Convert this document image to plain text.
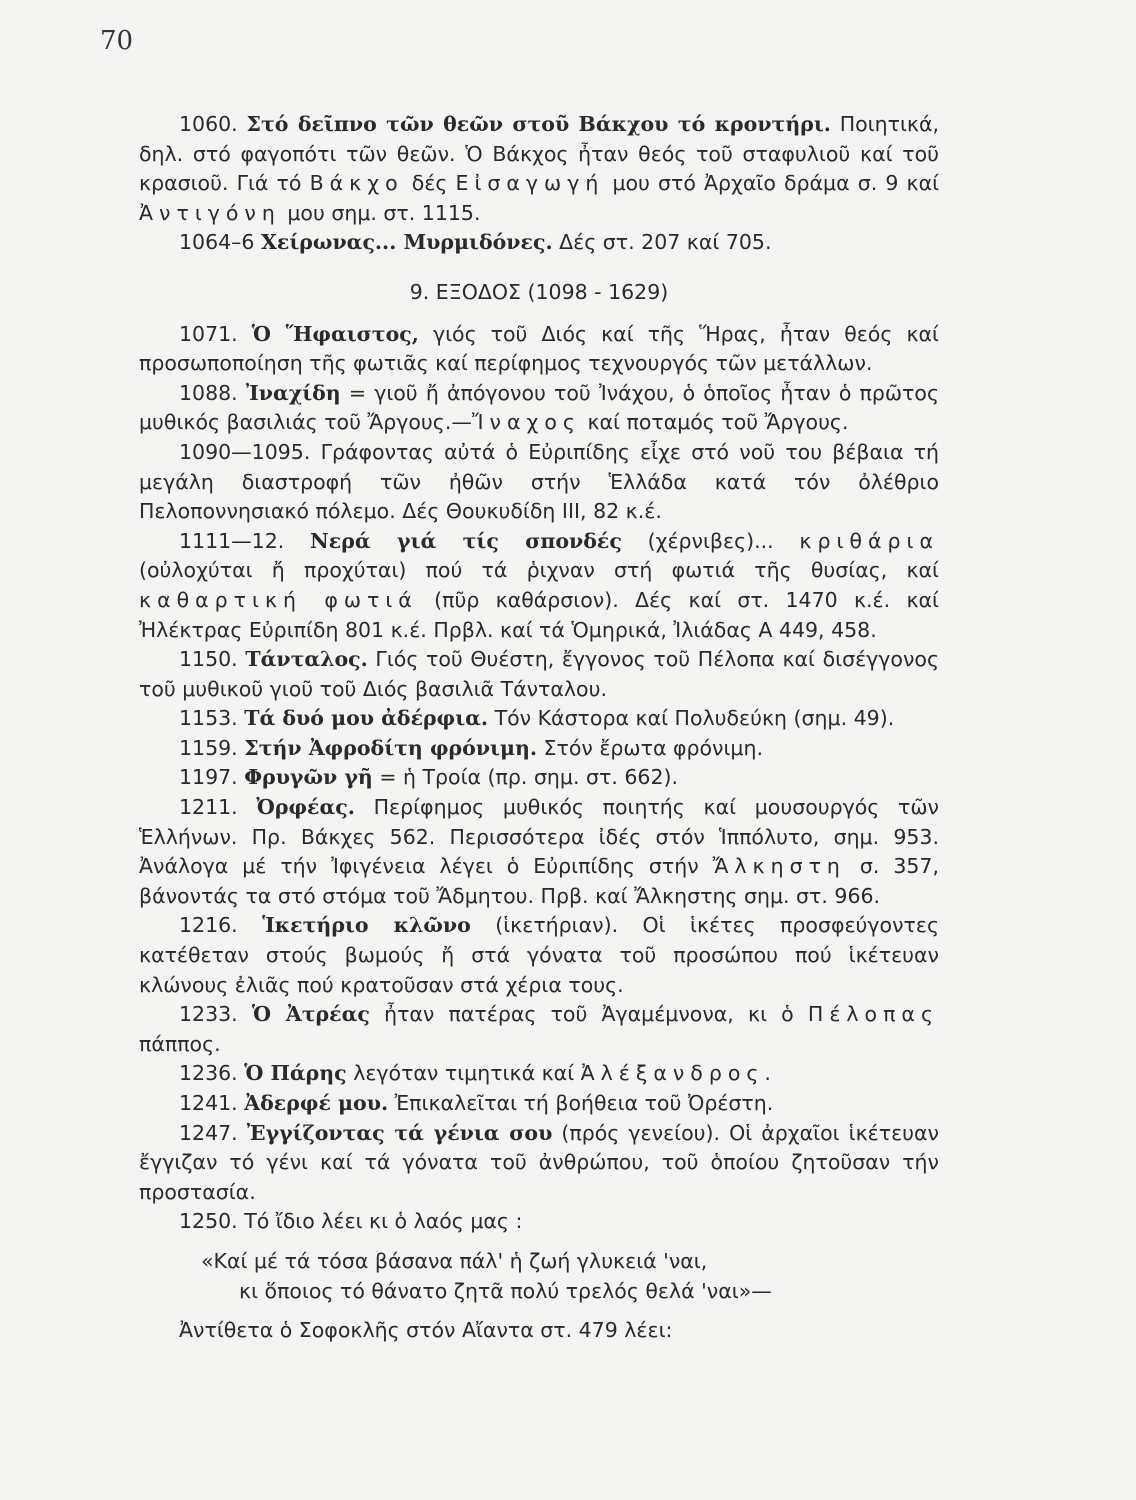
70

1060. Στό δεῖπνο τῶν θεῶν στοῦ Βάκχου τό κροντήρι. Ποιητικά, δηλ. στό φαγοπότι τῶν θεῶν. Ὁ Βάκχος ἦταν θεός τοῦ σταφυλιοῦ καί τοῦ κρασιοῦ. Γιά τό Βάκχο δές Εἰσαγωγή μου στό Ἀρχαῖο δράμα σ. 9 καί Ἀντιγόνη μου σημ. στ. 1115.

1064–6 Χείρωνας... Μυρμιδόνες. Δές στ. 207 καί 705.

9. ΕΞΟΔΟΣ (1098 - 1629)

1071. Ὁ Ἥφαιστος, γιός τοῦ Διός καί τῆς Ἥρας, ἦταν θεός καί προσωποποίηση τῆς φωτιᾶς καί περίφημος τεχνουργός τῶν μετάλλων.

1088. Ἰναχίδη = γιοῦ ἤ ἀπόγονου τοῦ Ἰνάχου, ὁ ὁποῖος ἦταν ὁ πρῶτος μυθικός βασιλιάς τοῦ Ἄργους.—Ἴναχος καί ποταμός τοῦ Ἄργους.

1090—1095. Γράφοντας αὐτά ὁ Εὐριπίδης εἶχε στό νοῦ του βέβαια τή μεγάλη διαστροφή τῶν ἠθῶν στήν Ἑλλάδα κατά τόν ὀλέθριο Πελοποννησιακό πόλεμο. Δές Θουκυδίδη ΙΙΙ, 82 κ.έ.

1111—12. Νερά γιά τίς σπονδές (χέρνιβες)... κριθάρια (οὐλοχύται ἤ προχύται) πού τά ῥιχναν στή φωτιά τῆς θυσίας, καί καθαρτική φωτιά (πῦρ καθάρσιον). Δές καί στ. 1470 κ.έ. καί Ἠλέκτρας Εὐριπίδη 801 κ.έ. Πρβλ. καί τά Ὁμηρικά, Ἰλιάδας Α 449, 458.

1150. Τάνταλος. Γιός τοῦ Θυέστη, ἔγγονος τοῦ Πέλοπα καί δισέγγονος τοῦ μυθικοῦ γιοῦ τοῦ Διός βασιλιᾶ Τάνταλου.

1153. Τά δυό μου ἀδέρφια. Τόν Κάστορα καί Πολυδεύκη (σημ. 49).

1159. Στήν Ἀφροδίτη φρόνιμη. Στόν ἔρωτα φρόνιμη.

1197. Φρυγῶν γῆ = ἡ Τροία (πρ. σημ. στ. 662).

1211. Ὀρφέας. Περίφημος μυθικός ποιητής καί μουσουργός τῶν Ἑλλήνων. Πρ. Βάκχες 562. Περισσότερα ἰδές στόν Ἱππόλυτο, σημ. 953. Ἀνάλογα μέ τήν Ἰφιγένεια λέγει ὁ Εὐριπίδης στήν Ἄλκηστη σ. 357, βάνοντάς τα στό στόμα τοῦ Ἄδμητου. Πρβ. καί Ἄλκηστης σημ. στ. 966.

1216. Ἱκετήριο κλῶνο (ἱκετήριαν). Οἱ ἱκέτες προσφεύγοντες κατέθεταν στούς βωμούς ἤ στά γόνατα τοῦ προσώπου πού ἱκέτευαν κλώνους ἐλιᾶς πού κρατοῦσαν στά χέρια τους.

1233. Ὁ Ἀτρέας ἦταν πατέρας τοῦ Ἀγαμέμνονα, κι ὁ Πέλοπας πάππος.

1236. Ὁ Πάρης λεγόταν τιμητικά καί Ἀλέξανδρος.

1241. Ἀδερφέ μου. Ἐπικαλεῖται τή βοήθεια τοῦ Ὀρέστη.

1247. Ἐγγίζοντας τά γένια σου (πρός γενείου). Οἱ ἀρχαῖοι ἱκέτευαν ἔγγιζαν τό γένι καί τά γόνατα τοῦ ἀνθρώπου, τοῦ ὁποίου ζητοῦσαν τήν προστασία.

1250. Τό ἴδιο λέει κι ὁ λαός μας :

«Καί μέ τά τόσα βάσανα πάλ' ἡ ζωή γλυκειά 'ναι,

κι ὅποιος τό θάνατο ζητᾶ πολύ τρελός θελά 'ναι»—

Ἀντίθετα ὁ Σοφοκλῆς στόν Αἴαντα στ. 479 λέει:
